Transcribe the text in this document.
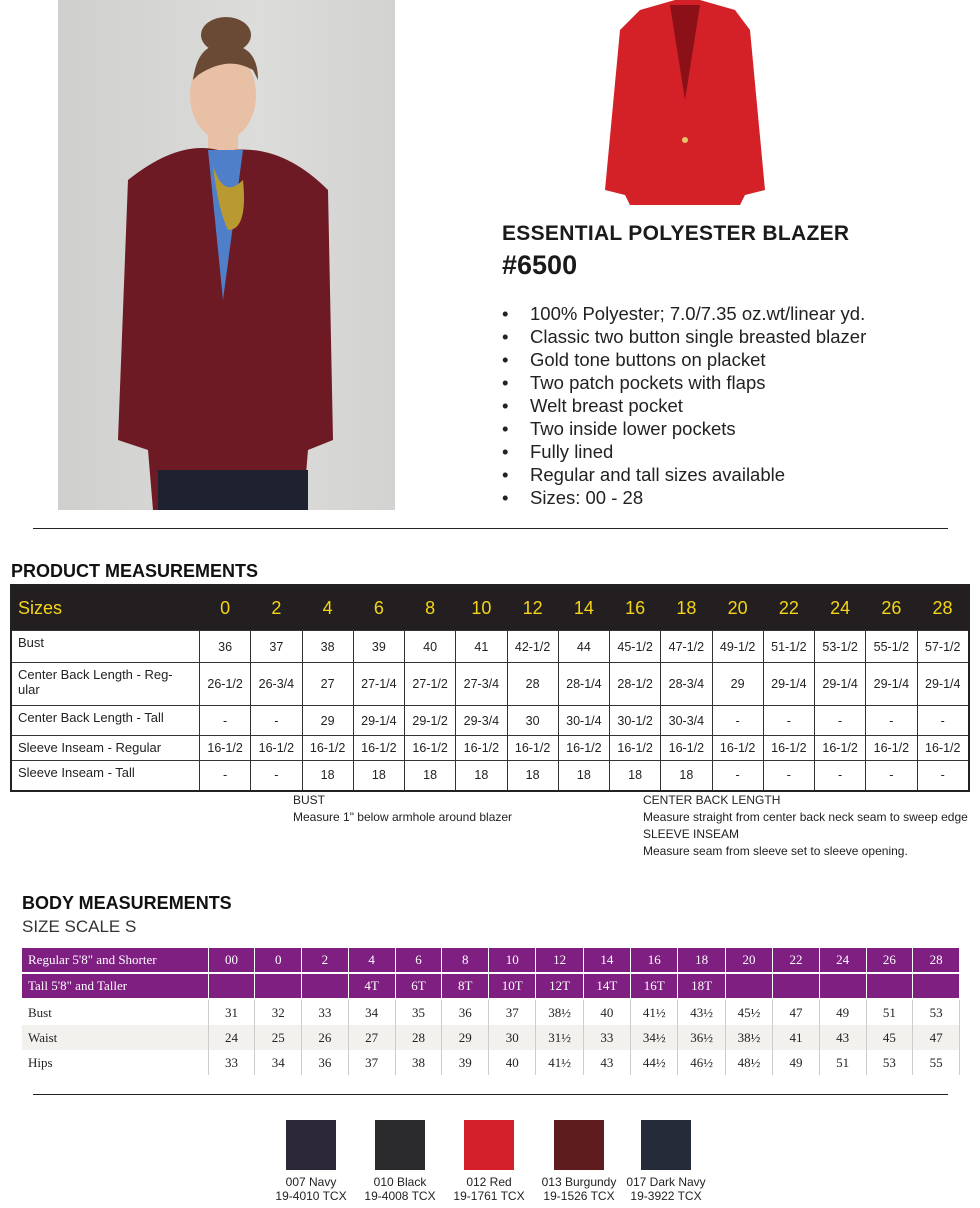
ESSENTIAL POLYESTER BLAZER
#6500
• 100% Polyester; 7.0/7.35 oz.wt/linear yd.
• Classic two button single breasted blazer
• Gold tone buttons on placket
• Two patch pockets with flaps
• Welt breast pocket
• Two inside lower pockets
• Fully lined
• Regular and tall sizes available
• Sizes: 00 - 28
PRODUCT MEASUREMENTS
Sizes	0	2	4	6	8	10	12	14	16	18	20	22	24	26	28
Bust	36	37	38	39	40	41	42-1/2	44	45-1/2	47-1/2	49-1/2	51-1/2	53-1/2	55-1/2	57-1/2
Center Back Length - Reg-ular	26-1/2	26-3/4	27	27-1/4	27-1/2	27-3/4	28	28-1/4	28-1/2	28-3/4	29	29-1/4	29-1/4	29-1/4	29-1/4
Center Back Length - Tall	-	-	29	29-1/4	29-1/2	29-3/4	30	30-1/4	30-1/2	30-3/4	-	-	-	-	-
Sleeve Inseam - Regular	16-1/2	16-1/2	16-1/2	16-1/2	16-1/2	16-1/2	16-1/2	16-1/2	16-1/2	16-1/2	16-1/2	16-1/2	16-1/2	16-1/2	16-1/2
Sleeve Inseam - Tall	-	-	18	18	18	18	18	18	18	18	-	-	-	-	-
BUST
Measure 1" below armhole around blazer
CENTER BACK LENGTH
Measure straight from center back neck seam to sweep edge
SLEEVE INSEAM
Measure seam from sleeve set to sleeve opening.
BODY MEASUREMENTS
SIZE SCALE S
Regular 5'8" and Shorter	00	0	2	4	6	8	10	12	14	16	18	20	22	24	26	28
Tall 5'8" and Taller				4T	6T	8T	10T	12T	14T	16T	18T					
Bust	31	32	33	34	35	36	37	38½	40	41½	43½	45½	47	49	51	53
Waist	24	25	26	27	28	29	30	31½	33	34½	36½	38½	41	43	45	47
Hips	33	34	36	37	38	39	40	41½	43	44½	46½	48½	49	51	53	55
007 Navy
19-4010 TCX
010 Black
19-4008 TCX
012 Red
19-1761 TCX
013 Burgundy
19-1526 TCX
017 Dark Navy
19-3922 TCX
